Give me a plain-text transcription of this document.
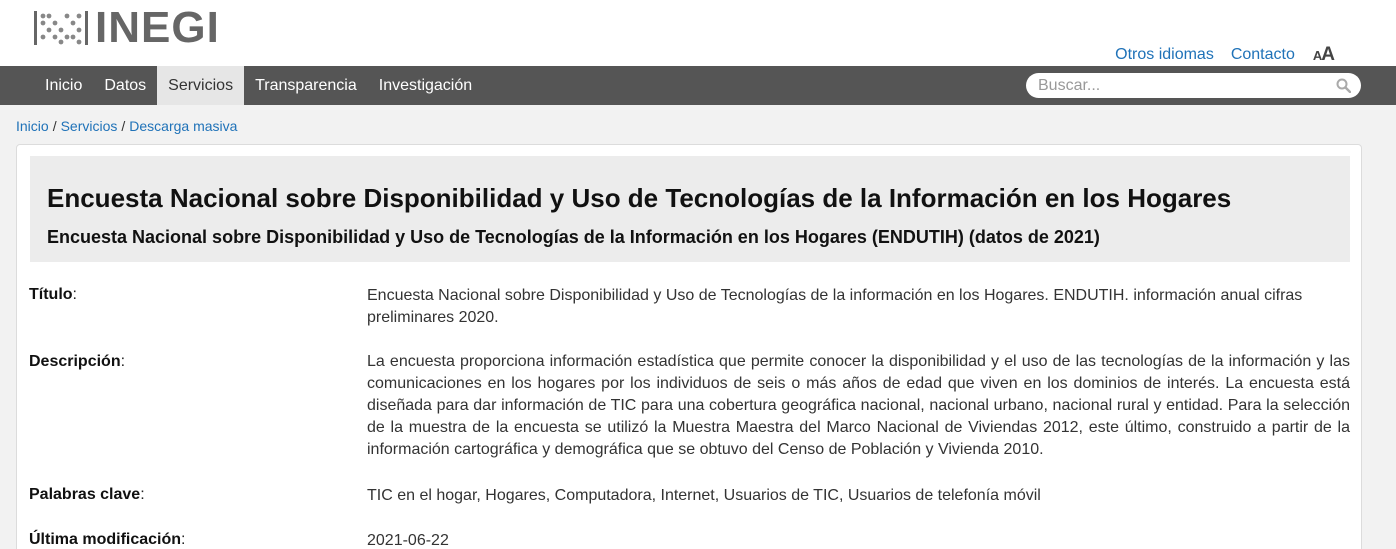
INEGI
Otros idiomas Contacto AA
Inicio	Datos	Servicios	Transparencia	Investigación
Buscar...
Inicio / Servicios / Descarga masiva
Encuesta Nacional sobre Disponibilidad y Uso de Tecnologías de la Información en los Hogares
Encuesta Nacional sobre Disponibilidad y Uso de Tecnologías de la Información en los Hogares (ENDUTIH) (datos de 2021)
Título:	Encuesta Nacional sobre Disponibilidad y Uso de Tecnologías de la información en los Hogares. ENDUTIH. información anual cifras preliminares 2020.
Descripción:	La encuesta proporciona información estadística que permite conocer la disponibilidad y el uso de las tecnologías de la información y las comunicaciones en los hogares por los individuos de seis o más años de edad que viven en los dominios de interés. La encuesta está diseñada para dar información de TIC para una cobertura geográfica nacional, nacional urbano, nacional rural y entidad. Para la selección de la muestra de la encuesta se utilizó la Muestra Maestra del Marco Nacional de Viviendas 2012, este último, construido a partir de la información cartográfica y demográfica que se obtuvo del Censo de Población y Vivienda 2010.
Palabras clave:	TIC en el hogar, Hogares, Computadora, Internet, Usuarios de TIC, Usuarios de telefonía móvil
Última modificación:	2021-06-22
